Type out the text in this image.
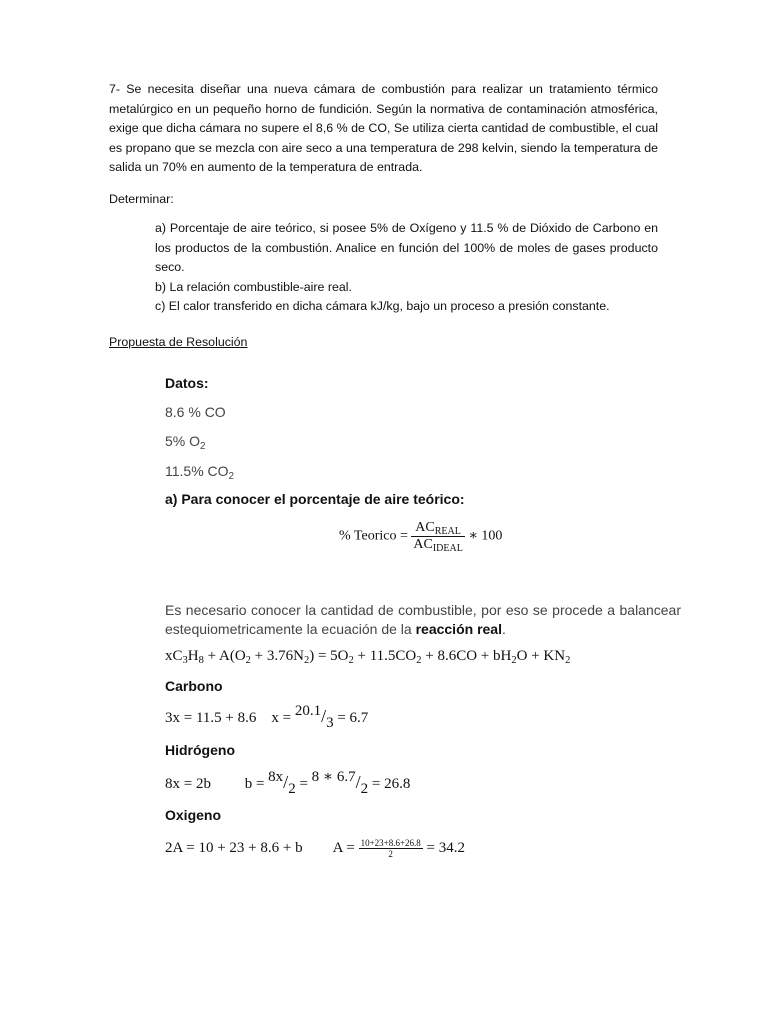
7- Se necesita diseñar una nueva cámara de combustión para realizar un tratamiento térmico metalúrgico en un pequeño horno de fundición. Según la normativa de contaminación atmosférica, exige que dicha cámara no supere el 8,6 % de CO, Se utiliza cierta cantidad de combustible, el cual es propano que se mezcla con aire seco a una temperatura de 298 kelvin, siendo la temperatura de salida un 70% en aumento de la temperatura de entrada.

Determinar:
a) Porcentaje de aire teórico, si posee 5% de Oxígeno y 11.5 % de Dióxido de Carbono en los productos de la combustión. Analice en función del 100% de moles de gases producto seco.
b) La relación combustible-aire real.
c) El calor transferido en dicha cámara kJ/kg, bajo un proceso a presión constante.
Propuesta de Resolución
Datos:
8.6 % CO
5% $O_2$
11.5% $CO_2$
a) Para conocer el porcentaje de aire teórico:
% Teorico = $\frac{AC_{REAL}}{AC_{IDEAL}}$ ∗ 100
Es necesario conocer la cantidad de combustible, por eso se procede a balancear estequiometricamente la ecuación de la reacción real.
$xC_3H_8 + A(O_2 + 3.76N_2) = 5O_2 + 11.5CO_2 + 8.6CO + bH_2O + KN_2$
Carbono
3x = 11.5 + 8.6    x = 20.1/3 = 6.7
Hidrógeno
8x = 2b         b = 8x/2 = 8 ∗ 6.7/2 = 26.8
Oxigeno
2A = 10 + 23 + 8.6 + b        $A = \frac{10+23+8.6+26.8}{2} = 34.2$
